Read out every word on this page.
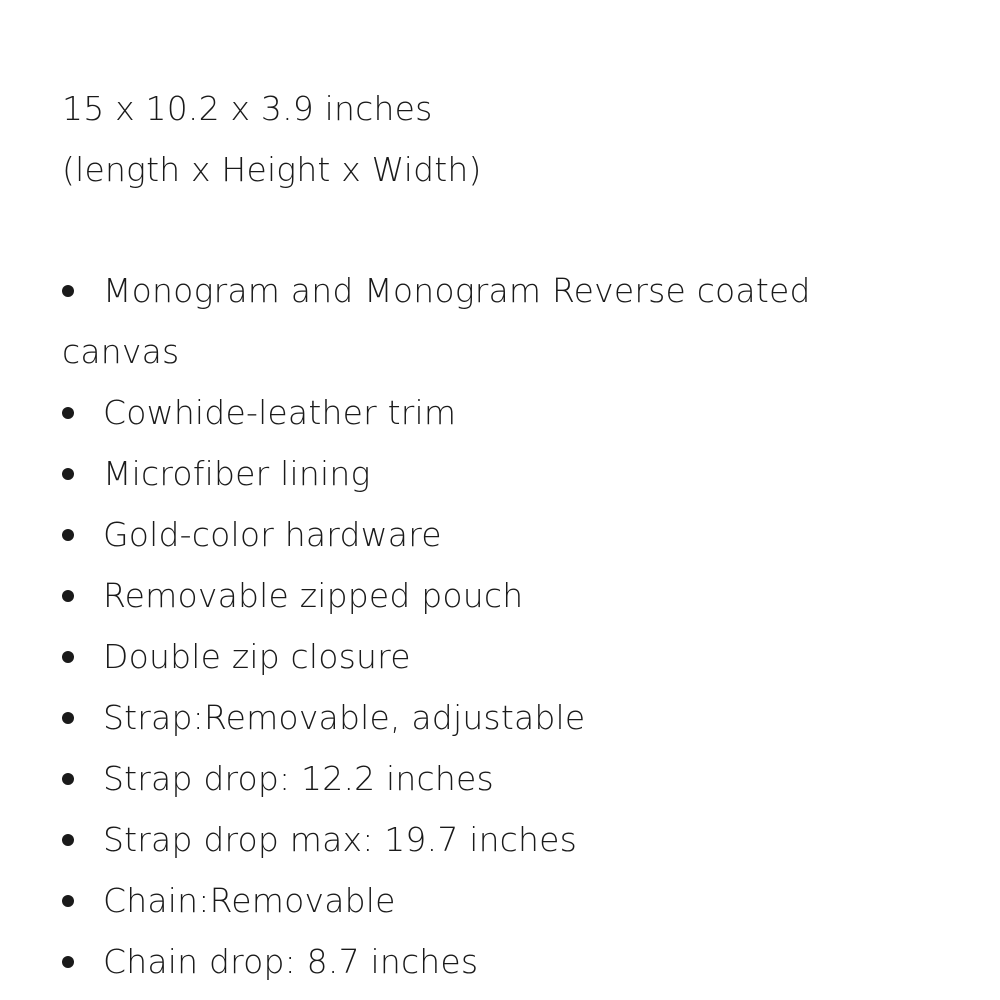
15 x 10.2 x 3.9 inches
(length x Height x Width)
Monogram and Monogram Reverse coated
canvas
Cowhide-leather trim
Microfiber lining
Gold-color hardware
Removable zipped pouch
Double zip closure
Strap:Removable, adjustable
Strap drop: 12.2 inches
Strap drop max: 19.7 inches
Chain:Removable
Chain drop: 8.7 inches
